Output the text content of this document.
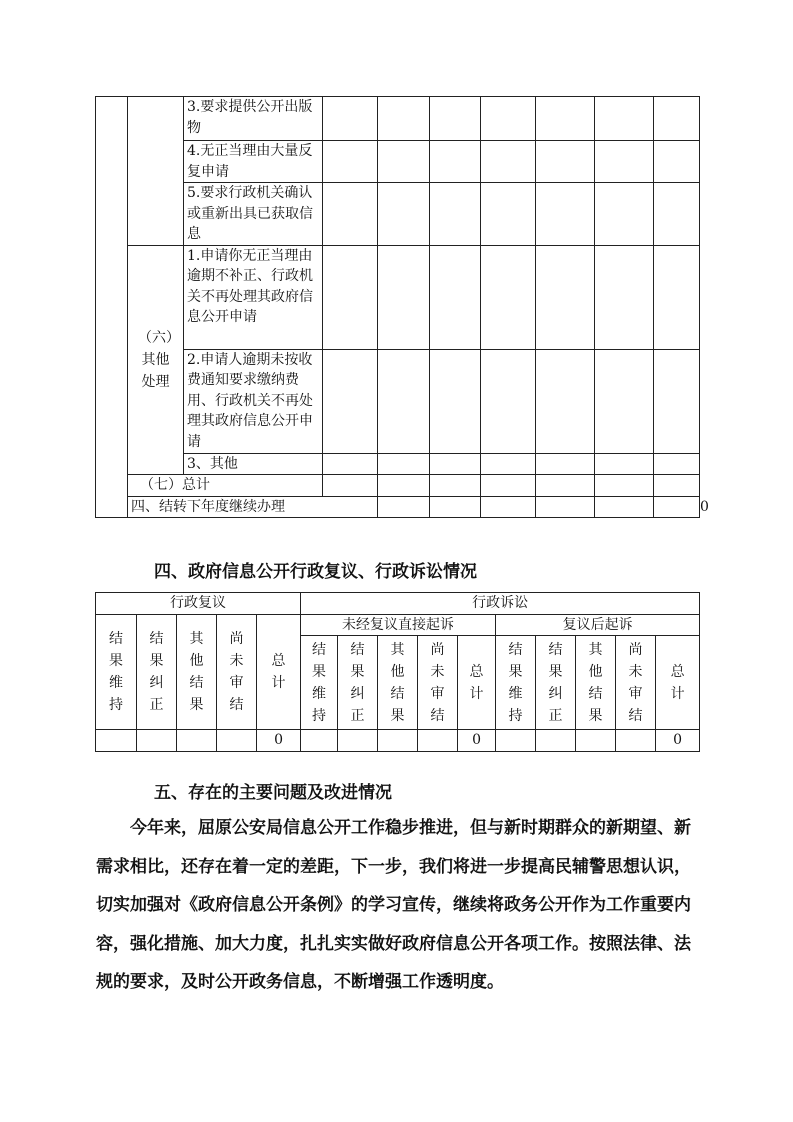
		3.要求提供公开出版物								
		4.无正当理由大量反复申请								
		5.要求行政机关确认或重新出具已获取信息								
	（六）其他处理	1.申请你无正当理由逾期不补正、行政机关不再处理其政府信息公开申请								
		2.申请人逾期未按收费通知要求缴纳费用、行政机关不再处理其政府信息公开申请								
		3、其他								
	（七）总计									
	四、结转下年度继续办理									0
四、政府信息公开行政复议、行政诉讼情况
行政复议					行政诉讼									
结果维持	结果纠正	其他结果	尚未审结	总计	未经复议直接起诉					复议后起诉				
					结果维持	结果纠正	其他结果	尚未审结	总计	结果维持	结果纠正	其他结果	尚未审结	总计
				0					0					0
五、存在的主要问题及改进情况
今年来，屈原公安局信息公开工作稳步推进，但与新时期群众的新期望、新需求相比，还存在着一定的差距，下一步，我们将进一步提高民辅警思想认识，切实加强对《政府信息公开条例》的学习宣传，继续将政务公开作为工作重要内容，强化措施、加大力度，扎扎实实做好政府信息公开各项工作。按照法律、法规的要求，及时公开政务信息，不断增强工作透明度。
